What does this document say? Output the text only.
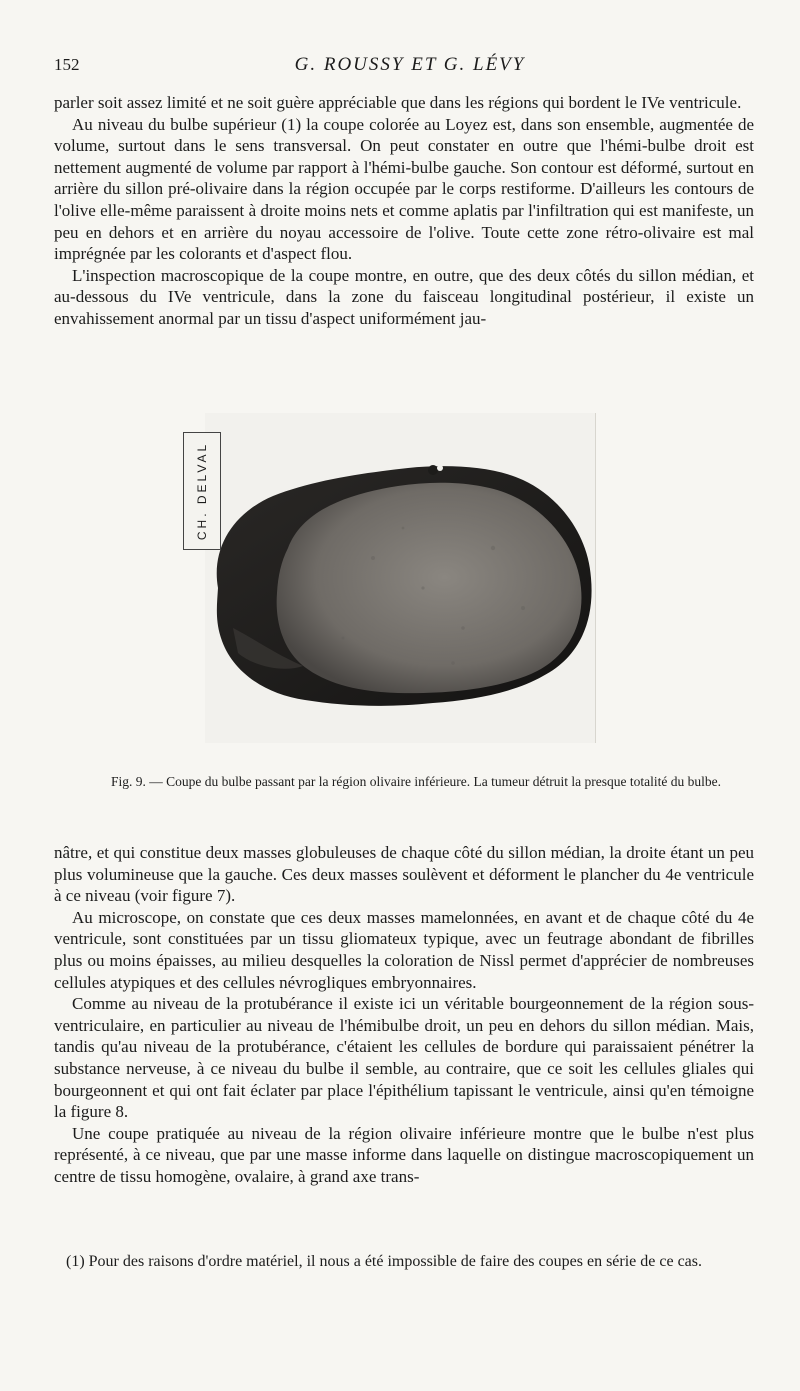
152	G. ROUSSY ET G. LÉVY

parler soit assez limité et ne soit guère appréciable que dans les régions qui bordent le IVe ventricule.

Au niveau du bulbe supérieur (1) la coupe colorée au Loyez est, dans son ensemble, augmentée de volume, surtout dans le sens transversal. On peut constater en outre que l'hémi-bulbe droit est nettement augmenté de volume par rapport à l'hémi-bulbe gauche. Son contour est déformé, surtout en arrière du sillon pré-olivaire dans la région occupée par le corps restiforme. D'ailleurs les contours de l'olive elle-même paraissent à droite moins nets et comme aplatis par l'infiltration qui est manifeste, un peu en dehors et en arrière du noyau accessoire de l'olive. Toute cette zone rétro-olivaire est mal imprégnée par les colorants et d'aspect flou.

L'inspection macroscopique de la coupe montre, en outre, que des deux côtés du sillon médian, et au-dessous du IVe ventricule, dans la zone du faisceau longitudinal postérieur, il existe un envahissement anormal par un tissu d'aspect uniformément jau-

CH. DELVAL
Fig. 9. — Coupe du bulbe passant par la région olivaire inférieure. La tumeur détruit la presque totalité du bulbe.

nâtre, et qui constitue deux masses globuleuses de chaque côté du sillon médian, la droite étant un peu plus volumineuse que la gauche. Ces deux masses soulèvent et déforment le plancher du 4e ventricule à ce niveau (voir figure 7).

Au microscope, on constate que ces deux masses mamelonnées, en avant et de chaque côté du 4e ventricule, sont constituées par un tissu gliomateux typique, avec un feutrage abondant de fibrilles plus ou moins épaisses, au milieu desquelles la coloration de Nissl permet d'apprécier de nombreuses cellules atypiques et des cellules névrogliques embryonnaires.

Comme au niveau de la protubérance il existe ici un véritable bourgeonnement de la région sous-ventriculaire, en particulier au niveau de l'hémibulbe droit, un peu en dehors du sillon médian. Mais, tandis qu'au niveau de la protubérance, c'étaient les cellules de bordure qui paraissaient pénétrer la substance nerveuse, à ce niveau du bulbe il semble, au contraire, que ce soit les cellules gliales qui bourgeonnent et qui ont fait éclater par place l'épithélium tapissant le ventricule, ainsi qu'en témoigne la figure 8.

Une coupe pratiquée au niveau de la région olivaire inférieure montre que le bulbe n'est plus représenté, à ce niveau, que par une masse informe dans laquelle on distingue macroscopiquement un centre de tissu homogène, ovalaire, à grand axe trans-

(1) Pour des raisons d'ordre matériel, il nous a été impossible de faire des coupes en série de ce cas.
